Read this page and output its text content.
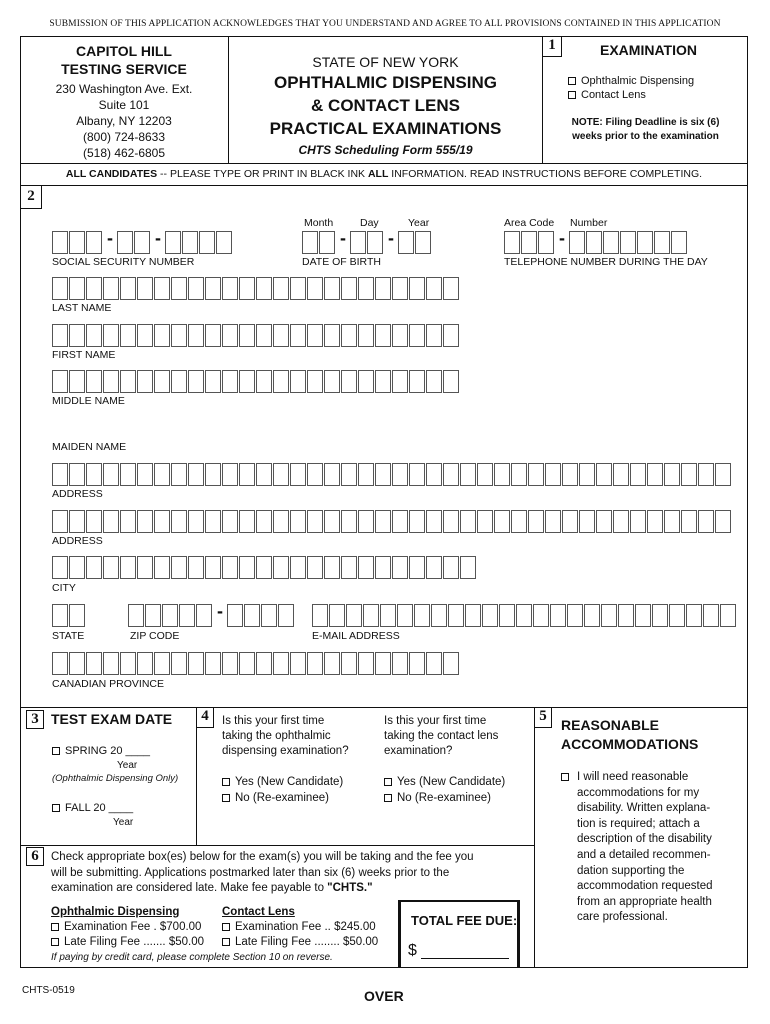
SUBMISSION OF THIS APPLICATION ACKNOWLEDGES THAT YOU UNDERSTAND AND AGREE TO ALL PROVISIONS CONTAINED IN THIS APPLICATION
CAPITOL HILL
TESTING SERVICE
230 Washington Ave. Ext.
Suite 101
Albany, NY 12203
(800) 724-8633
(518) 462-6805
STATE OF NEW YORK
OPHTHALMIC DISPENSING
& CONTACT LENS
PRACTICAL EXAMINATIONS
CHTS Scheduling Form 555/19
1	EXAMINATION
Ophthalmic Dispensing
Contact Lens
NOTE: Filing Deadline is six (6)
weeks prior to the examination
ALL CANDIDATES -- PLEASE TYPE OR PRINT IN BLACK INK ALL INFORMATION. READ INSTRUCTIONS BEFORE COMPLETING.
2
Month	Day	Year	Area Code Number
- -	- -	-
SOCIAL SECURITY NUMBER	DATE OF BIRTH	TELEPHONE NUMBER DURING THE DAY
LAST NAME
FIRST NAME
MIDDLE NAME
MAIDEN NAME
ADDRESS
ADDRESS
CITY
-
STATE	ZIP CODE	E-MAIL ADDRESS
CANADIAN PROVINCE
3 TEST EXAM DATE
SPRING 20 ____
Year
(Ophthalmic Dispensing Only)
FALL 20 ____
Year
4	Is this your first time
taking the ophthalmic
dispensing examination?
Is this your first time
taking the contact lens
examination?
Yes (New Candidate)
No (Re-examinee)
Yes (New Candidate)
No (Re-examinee)
5
REASONABLE
ACCOMMODATIONS
I will need reasonable
accommodations for my
disability. Written explana-
tion is required; attach a
description of the disability
and a detailed recommen-
dation supporting the
accommodation requested
from an appropriate health
care professional.
6	Check appropriate box(es) below for the exam(s) you will be taking and the fee you
will be submitting. Applications postmarked later than six (6) weeks prior to the
examination are considered late. Make fee payable to "CHTS."
Ophthalmic Dispensing	Contact Lens
Examination Fee . $700.00
Late Filing Fee ....... $50.00
Examination Fee .. $245.00
Late Filing Fee ........ $50.00
If paying by credit card, please complete Section 10 on reverse.
TOTAL FEE DUE:
$
CHTS-0519	OVER
